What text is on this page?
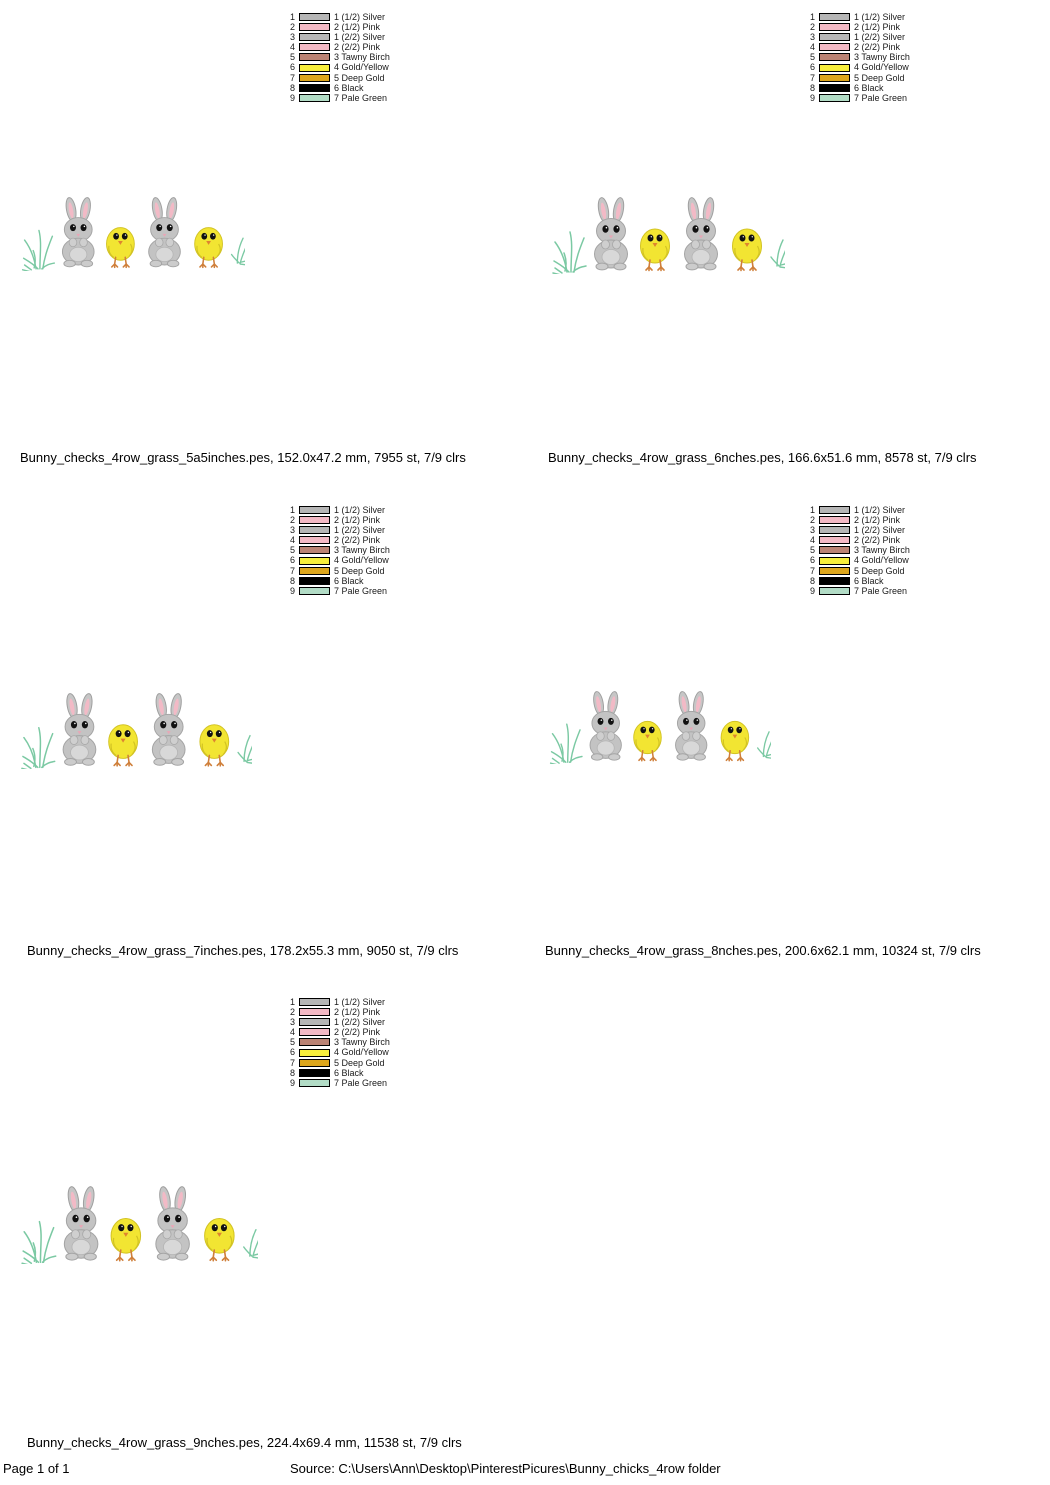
1	1 (1/2) Silver
2	2 (1/2) Pink
3	1 (2/2) Silver
4	2 (2/2) Pink
5	3 Tawny Birch
6	4 Gold/Yellow
7	5 Deep Gold
8	6 Black
9	7 Pale Green
Bunny_checks_4row_grass_5a5inches.pes, 152.0x47.2 mm, 7955 st, 7/9 clrs
1	1 (1/2) Silver
2	2 (1/2) Pink
3	1 (2/2) Silver
4	2 (2/2) Pink
5	3 Tawny Birch
6	4 Gold/Yellow
7	5 Deep Gold
8	6 Black
9	7 Pale Green
Bunny_checks_4row_grass_6nches.pes, 166.6x51.6 mm, 8578 st, 7/9 clrs
1	1 (1/2) Silver
2	2 (1/2) Pink
3	1 (2/2) Silver
4	2 (2/2) Pink
5	3 Tawny Birch
6	4 Gold/Yellow
7	5 Deep Gold
8	6 Black
9	7 Pale Green
Bunny_checks_4row_grass_7inches.pes, 178.2x55.3 mm, 9050 st, 7/9 clrs
1	1 (1/2) Silver
2	2 (1/2) Pink
3	1 (2/2) Silver
4	2 (2/2) Pink
5	3 Tawny Birch
6	4 Gold/Yellow
7	5 Deep Gold
8	6 Black
9	7 Pale Green
Bunny_checks_4row_grass_8nches.pes, 200.6x62.1 mm, 10324 st, 7/9 clrs
1	1 (1/2) Silver
2	2 (1/2) Pink
3	1 (2/2) Silver
4	2 (2/2) Pink
5	3 Tawny Birch
6	4 Gold/Yellow
7	5 Deep Gold
8	6 Black
9	7 Pale Green
Bunny_checks_4row_grass_9nches.pes, 224.4x69.4 mm, 11538 st, 7/9 clrs
Page 1 of 1	Source: C:\Users\Ann\Desktop\PinterestPicures\Bunny_chicks_4row folder
